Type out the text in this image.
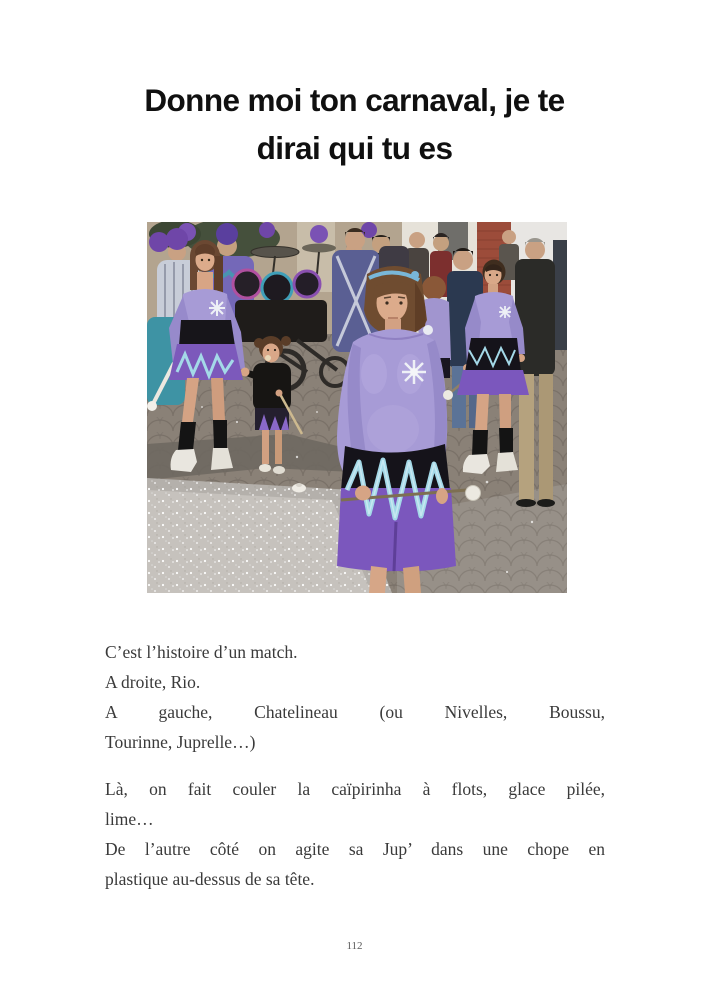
Donne moi ton carnaval, je te
dirai qui tu es
C’est l’histoire d’un match.
A droite, Rio.
A gauche, Chatelineau (ou Nivelles, Boussu,
Tourinne, Juprelle…)
Là, on fait couler la caïpirinha à flots, glace pilée,
lime…
De l’autre côté on agite sa Jup’ dans une chope en
plastique au-dessus de sa tête.
112
